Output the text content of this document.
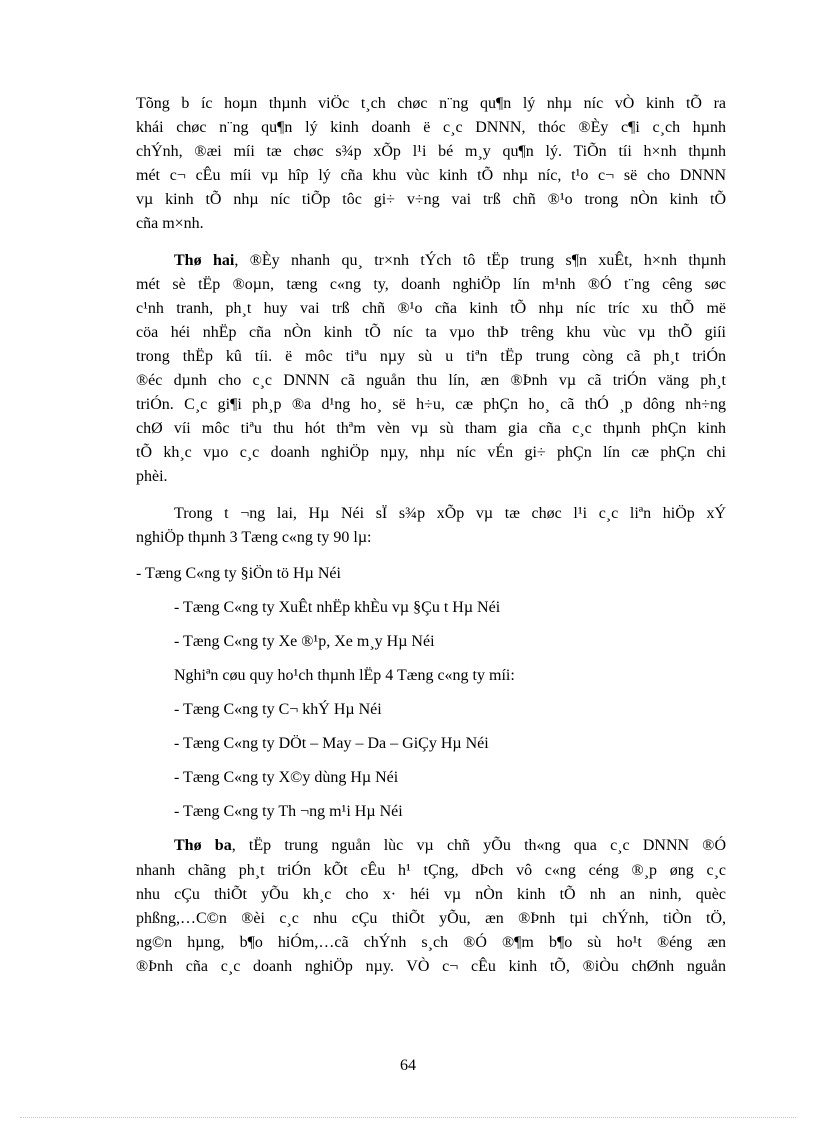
Tõng b íc hoµn thµnh viÖc t¸ch chøc n¨ng qu¶n lý nhµ níc vÒ kinh tÕ ra
khái chøc n¨ng qu¶n lý kinh doanh ë c¸c DNNN, thóc ®Èy c¶i c¸ch hµnh
chÝnh, ®æi míi tæ chøc s¾p xÕp l¹i bé m¸y qu¶n lý. TiÕn tíi h×nh thµnh
mét c¬ cÊu míi vµ hîp lý cña khu vùc kinh tÕ nhµ níc, t¹o c¬ së cho DNNN
vµ kinh tÕ nhµ níc tiÕp tôc gi÷ v÷ng vai trß chñ ®¹o trong nÒn kinh tÕ
cña m×nh.
Thø hai, ®Èy nhanh qu¸ tr×nh tÝch tô tËp trung s¶n xuÊt, h×nh thµnh
mét sè tËp ®oµn, tæng c«ng ty, doanh nghiÖp lín m¹nh ®Ó t¨ng cêng søc
c¹nh tranh, ph¸t huy vai trß chñ ®¹o cña kinh tÕ nhµ níc tríc xu thÕ më
cöa héi nhËp cña nÒn kinh tÕ níc ta vµo thÞ trêng khu vùc vµ thÕ giíi
trong thËp kû tíi. ë môc tiªu nµy sù u tiªn tËp trung còng cã ph¸t triÓn
®éc dµnh cho c¸c DNNN cã nguån thu lín, æn ®Þnh vµ cã triÓn väng ph¸t
triÓn. C¸c gi¶i ph¸p ®a d¹ng ho¸ së h÷u, cæ phÇn ho¸ cã thÓ ¸p dông nh÷ng
chØ víi môc tiªu thu hót thªm vèn vµ sù tham gia cña c¸c thµnh phÇn kinh
tÕ kh¸c vµo c¸c doanh nghiÖp nµy, nhµ níc vÉn gi÷ phÇn lín cæ phÇn chi
phèi.
Trong t ¬ng lai, Hµ Néi sÏ s¾p xÕp vµ tæ chøc l¹i c¸c liªn hiÖp xÝ
nghiÖp thµnh 3 Tæng c«ng ty 90 lµ:
- Tæng C«ng ty §iÖn tö Hµ Néi
- Tæng C«ng ty XuÊt nhËp khÈu vµ §Çu t Hµ Néi
- Tæng C«ng ty Xe ®¹p, Xe m¸y Hµ Néi
Nghiªn cøu quy ho¹ch thµnh lËp 4 Tæng c«ng ty míi:
- Tæng C«ng ty C¬ khÝ Hµ Néi
- Tæng C«ng ty DÖt – May – Da – GiÇy Hµ Néi
- Tæng C«ng ty X©y dùng Hµ Néi
- Tæng C«ng ty Th ¬ng m¹i Hµ Néi
Thø ba, tËp trung nguån lùc vµ chñ yÕu th«ng qua c¸c DNNN ®Ó
nhanh chãng ph¸t triÓn kÕt cÊu h¹ tÇng, dÞch vô c«ng céng ®¸p øng c¸c
nhu cÇu thiÕt yÕu kh¸c cho x· héi vµ nÒn kinh tÕ nh an ninh, quèc
phßng,…C©n ®èi c¸c nhu cÇu thiÕt yÕu, æn ®Þnh tµi chÝnh, tiÒn tÖ,
ng©n hµng, b¶o hiÓm,…cã chÝnh s¸ch ®Ó ®¶m b¶o sù ho¹t ®éng æn
®Þnh cña c¸c doanh nghiÖp nµy. VÒ c¬ cÊu kinh tÕ, ®iÒu chØnh nguån
64
